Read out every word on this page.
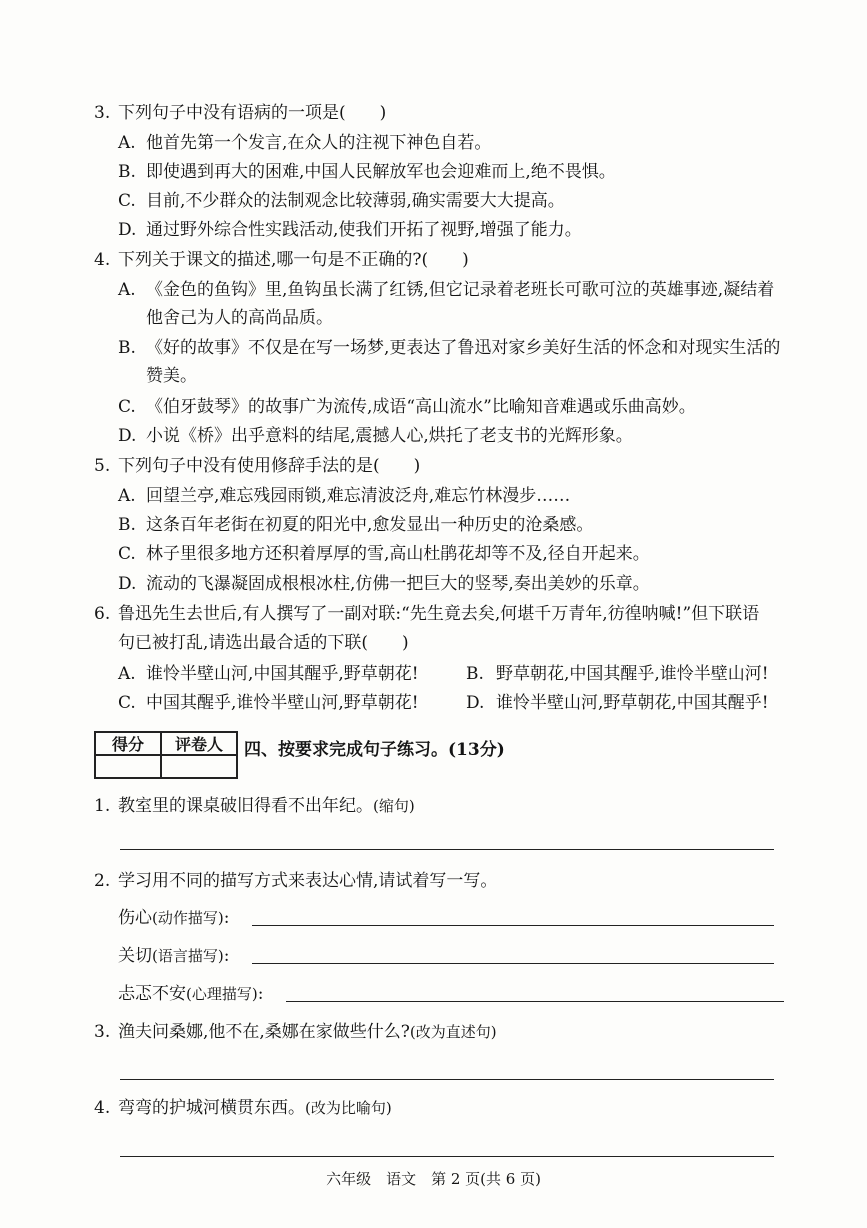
3. 下列句子中没有语病的一项是(　　)
A. 他首先第一个发言,在众人的注视下神色自若。
B. 即使遇到再大的困难,中国人民解放军也会迎难而上,绝不畏惧。
C. 目前,不少群众的法制观念比较薄弱,确实需要大大提高。
D. 通过野外综合性实践活动,使我们开拓了视野,增强了能力。
4. 下列关于课文的描述,哪一句是不正确的?(　　)
A. 《金色的鱼钩》里,鱼钩虽长满了红锈,但它记录着老班长可歌可泣的英雄事迹,凝结着
他舍己为人的高尚品质。
B. 《好的故事》不仅是在写一场梦,更表达了鲁迅对家乡美好生活的怀念和对现实生活的
赞美。
C. 《伯牙鼓琴》的故事广为流传,成语“高山流水”比喻知音难遇或乐曲高妙。
D. 小说《桥》出乎意料的结尾,震撼人心,烘托了老支书的光辉形象。
5. 下列句子中没有使用修辞手法的是(　　)
A. 回望兰亭,难忘残园雨锁,难忘清波泛舟,难忘竹林漫步……
B. 这条百年老街在初夏的阳光中,愈发显出一种历史的沧桑感。
C. 林子里很多地方还积着厚厚的雪,高山杜鹃花却等不及,径自开起来。
D. 流动的飞瀑凝固成根根冰柱,仿佛一把巨大的竖琴,奏出美妙的乐章。
6. 鲁迅先生去世后,有人撰写了一副对联:“先生竟去矣,何堪千万青年,彷徨呐喊!”但下联语
句已被打乱,请选出最合适的下联(　　)
A. 谁怜半壁山河,中国其醒乎,野草朝花!	B. 野草朝花,中国其醒乎,谁怜半壁山河!
C. 中国其醒乎,谁怜半壁山河,野草朝花!	D. 谁怜半壁山河,野草朝花,中国其醒乎!
得分	评卷人	四、按要求完成句子练习。(13分)
1. 教室里的课桌破旧得看不出年纪。(缩句)
2. 学习用不同的描写方式来表达心情,请试着写一写。
伤心(动作描写):
关切(语言描写):
忐忑不安(心理描写):
3. 渔夫问桑娜,他不在,桑娜在家做些什么?(改为直述句)
4. 弯弯的护城河横贯东西。(改为比喻句)
六年级　语文　第 2 页(共 6 页)
